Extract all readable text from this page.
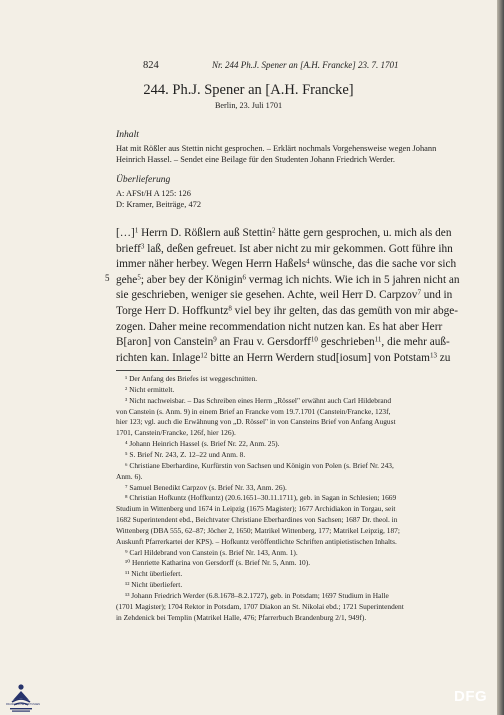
824	Nr. 244 Ph.J. Spener an [A.H. Francke] 23. 7. 1701
244. Ph.J. Spener an [A.H. Francke]
Berlin, 23. Juli 1701
Inhalt
Hat mit Rößler aus Stettin nicht gesprochen. – Erklärt nochmals Vorgehensweise wegen Johann
Heinrich Hassel. – Sendet eine Beilage für den Studenten Johann Friedrich Werder.
Überlieferung
A: AFSt/H A 125: 126
D: Kramer, Beiträge, 472
[…]$^1$ Herrn D. Rößlern auß Stettin$^2$ hätte gern gesprochen, u. mich als den
brieff$^3$ laß, deßen gefreuet. Ist aber nicht zu mir gekommen. Gott führe ihn
immer näher herbey. Wegen Herrn Haßels$^4$ wünsche, das die sache vor sich
gehe$^5$; aber bey der Königin$^6$ vermag ich nichts. Wie ich in 5 jahren nicht an
sie geschrieben, weniger sie gesehen. Achte, weil Herr D. Carpzov$^7$ und in
Torge Herr D. Hoffkuntz$^8$ viel bey ihr gelten, das das gemüth von mir abge-
zogen. Daher meine recommendation nicht nutzen kan. Es hat aber Herr
B[aron] von Canstein$^9$ an Frau v. Gersdorff$^{10}$ geschrieben$^{11}$, die mehr auß-
richten kan. Inlage$^{12}$ bitte an Herrn Werdern stud[iosum] von Potstam$^{13}$ zu
5
¹ Der Anfang des Briefes ist weggeschnitten.
² Nicht ermittelt.
³ Nicht nachweisbar. – Das Schreiben eines Herrn „Rössel" erwähnt auch Carl Hildebrand
von Canstein (s. Anm. 9) in einem Brief an Francke vom 19.7.1701 (Canstein/Francke, 123f,
hier 123; vgl. auch die Erwähnung von „D. Rössel" in von Cansteins Brief von Anfang August
1701, Canstein/Francke, 126f, hier 126).
⁴ Johann Heinrich Hassel (s. Brief Nr. 22, Anm. 25).
⁵ S. Brief Nr. 243, Z. 12–22 und Anm. 8.
⁶ Christiane Eberhardine, Kurfürstin von Sachsen und Königin von Polen (s. Brief Nr. 243,
Anm. 6).
⁷ Samuel Benedikt Carpzov (s. Brief Nr. 33, Anm. 26).
⁸ Christian Hofkuntz (Hoffkuntz) (20.6.1651–30.11.1711), geb. in Sagan in Schlesien; 1669
Studium in Wittenberg und 1674 in Leipzig (1675 Magister); 1677 Archidiakon in Torgau, seit
1682 Superintendent ebd., Beichtvater Christiane Eberhardines von Sachsen; 1687 Dr. theol. in
Wittenberg (DBA 555, 62–87; Jöcher 2, 1650; Matrikel Wittenberg, 177; Matrikel Leipzig, 187;
Auskunft Pfarrerkartei der KPS). – Hofkuntz veröffentlichte Schriften antipietistischen Inhalts.
⁹ Carl Hildebrand von Canstein (s. Brief Nr. 143, Anm. 1).
¹⁰ Henriette Katharina von Gersdorff (s. Brief Nr. 5, Anm. 10).
¹¹ Nicht überliefert.
¹² Nicht überliefert.
¹³ Johann Friedrich Werder (6.8.1678–8.2.1727), geb. in Potsdam; 1697 Studium in Halle
(1701 Magister); 1704 Rektor in Potsdam, 1707 Diakon an St. Nikolai ebd.; 1721 Superintendent
in Zehdenick bei Templin (Matrikel Halle, 476; Pfarrerbuch Brandenburg 2/1, 949f).
FRANCKESCHE STIFTUNGEN	DFG
